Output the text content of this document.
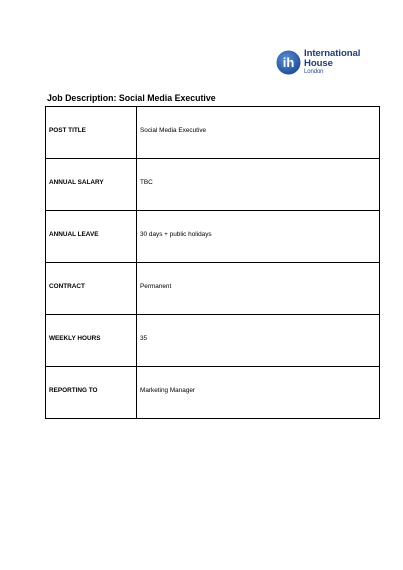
ih
International
House
London
Job Description: Social Media Executive
POST TITLE	Social Media Executive
ANNUAL SALARY	TBC
ANNUAL LEAVE	30 days + public holidays
CONTRACT	Permanent
WEEKLY HOURS	35
REPORTING TO	Marketing Manager
